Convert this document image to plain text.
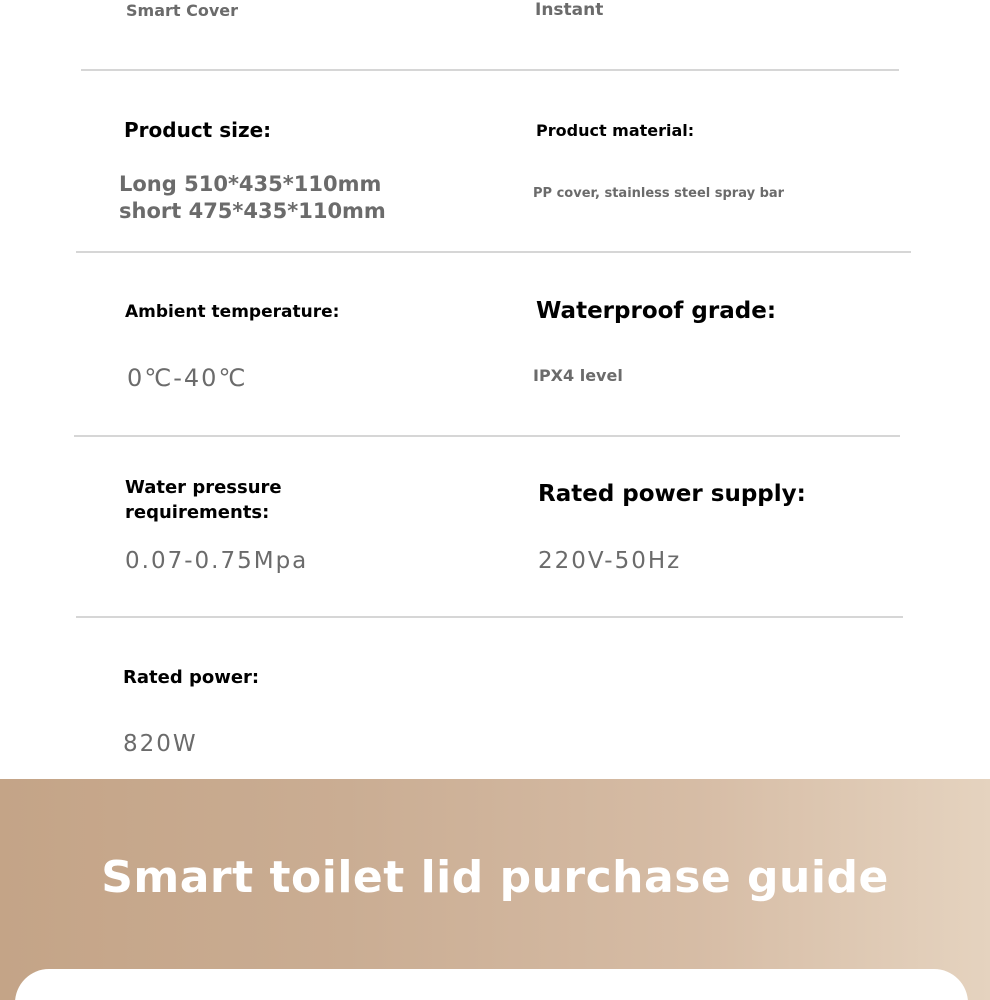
Smart Cover	Instant

Product size:

Long 510*435*110mm

short 475*435*110mm

Product material:

PP cover, stainless steel spray bar

Ambient temperature:

0℃-40℃

Waterproof grade:

IPX4 level

Water pressure

requirements:

0.07-0.75Mpa

Rated power supply:

220V-50Hz

Rated power:

820W

Smart toilet lid purchase guide
